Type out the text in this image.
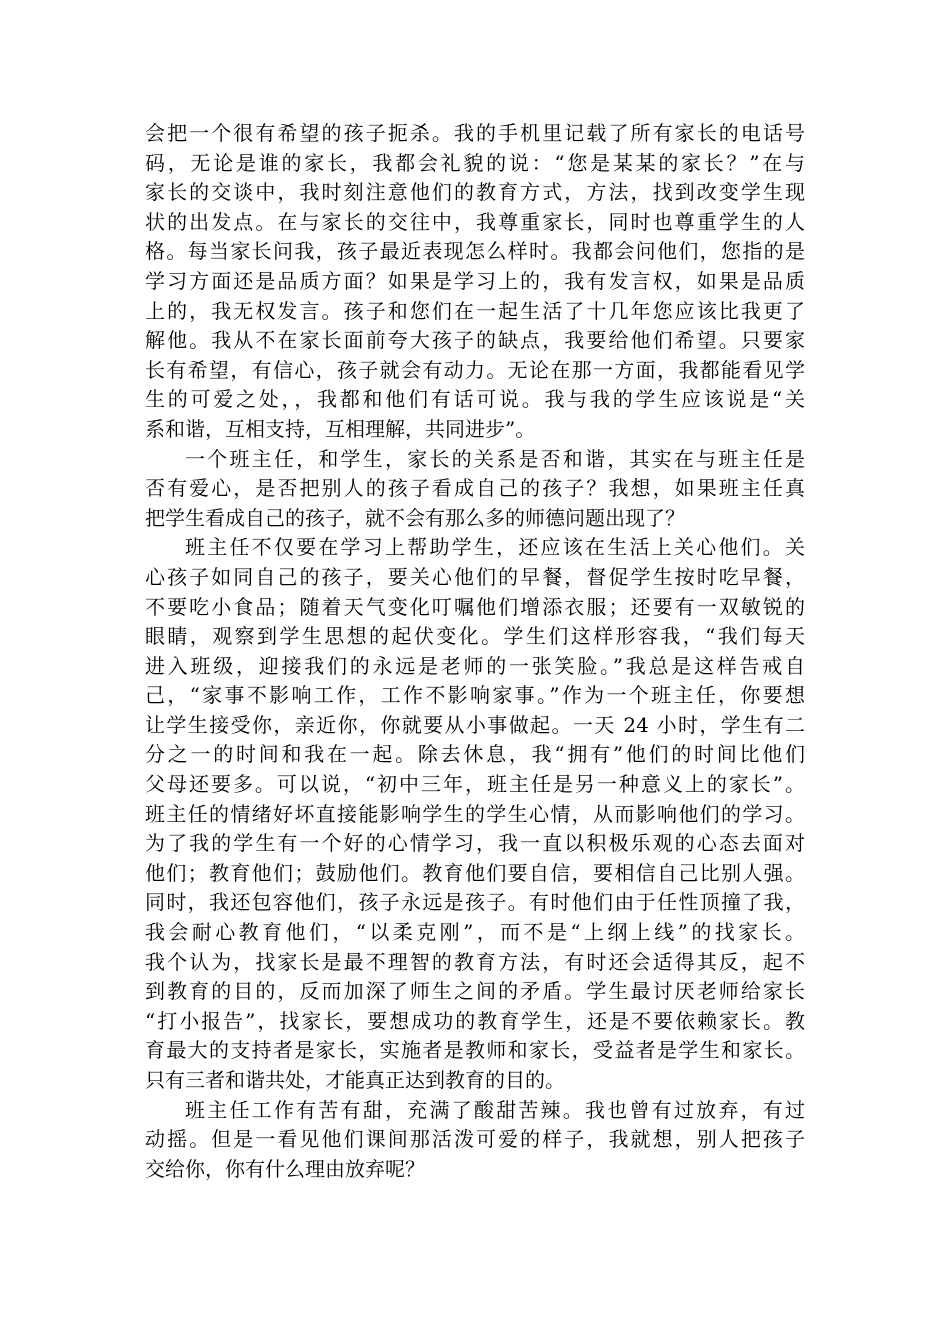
会把一个很有希望的孩子扼杀。我的手机里记载了所有家长的电话号
码，无论是谁的家长，我都会礼貌的说：“您是某某的家长？”在与
家长的交谈中，我时刻注意他们的教育方式，方法，找到改变学生现
状的出发点。在与家长的交往中，我尊重家长，同时也尊重学生的人
格。每当家长问我，孩子最近表现怎么样时。我都会问他们，您指的是
学习方面还是品质方面？如果是学习上的，我有发言权，如果是品质
上的，我无权发言。孩子和您们在一起生活了十几年您应该比我更了
解他。我从不在家长面前夸大孩子的缺点，我要给他们希望。只要家
长有希望，有信心，孩子就会有动力。无论在那一方面，我都能看见学
生的可爱之处，，我都和他们有话可说。我与我的学生应该说是“关
系和谐，互相支持，互相理解，共同进步”。
一个班主任，和学生，家长的关系是否和谐，其实在与班主任是
否有爱心，是否把别人的孩子看成自己的孩子？我想，如果班主任真
把学生看成自己的孩子，就不会有那么多的师德问题出现了？
班主任不仅要在学习上帮助学生，还应该在生活上关心他们。关
心孩子如同自己的孩子，要关心他们的早餐，督促学生按时吃早餐，
不要吃小食品；随着天气变化叮嘱他们增添衣服；还要有一双敏锐的
眼睛，观察到学生思想的起伏变化。学生们这样形容我，“我们每天
进入班级，迎接我们的永远是老师的一张笑脸。”我总是这样告戒自
己，“家事不影响工作，工作不影响家事。”作为一个班主任，你要想
让学生接受你，亲近你，你就要从小事做起。一天 24 小时，学生有二
分之一的时间和我在一起。除去休息，我“拥有”他们的时间比他们
父母还要多。可以说，“初中三年，班主任是另一种意义上的家长”。
班主任的情绪好坏直接能影响学生的学生心情，从而影响他们的学习。
为了我的学生有一个好的心情学习，我一直以积极乐观的心态去面对
他们；教育他们；鼓励他们。教育他们要自信，要相信自己比别人强。
同时，我还包容他们，孩子永远是孩子。有时他们由于任性顶撞了我，
我会耐心教育他们，“以柔克刚”，而不是“上纲上线”的找家长。
我个认为，找家长是最不理智的教育方法，有时还会适得其反，起不
到教育的目的，反而加深了师生之间的矛盾。学生最讨厌老师给家长
“打小报告”，找家长，要想成功的教育学生，还是不要依赖家长。教
育最大的支持者是家长，实施者是教师和家长，受益者是学生和家长。
只有三者和谐共处，才能真正达到教育的目的。
班主任工作有苦有甜，充满了酸甜苦辣。我也曾有过放弃，有过
动摇。但是一看见他们课间那活泼可爱的样子，我就想，别人把孩子
交给你，你有什么理由放弃呢？
